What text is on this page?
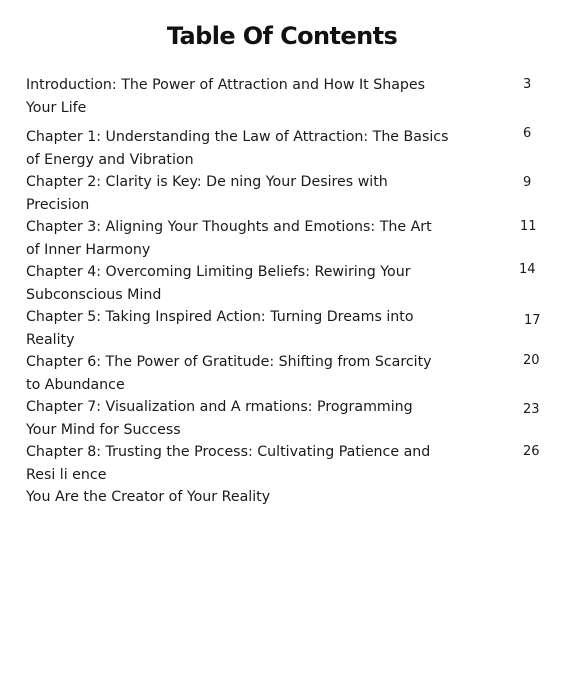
Table Of Contents
Introduction: The Power of Attraction and How It Shapes
Your Life
3
Chapter 1: Understanding the Law of Attraction: The Basics
of Energy and Vibration
6
Chapter 2: Clarity is Key: De ning Your Desires with
Precision
9
Chapter 3: Aligning Your Thoughts and Emotions: The Art
of Inner Harmony
11
Chapter 4: Overcoming Limiting Beliefs: Rewiring Your
Subconscious Mind
14
Chapter 5: Taking Inspired Action: Turning Dreams into
Reality
17
Chapter 6: The Power of Gratitude: Shifting from Scarcity
to Abundance
20
Chapter 7: Visualization and A rmations: Programming
Your Mind for Success
23
Chapter 8: Trusting the Process: Cultivating Patience and
Resi li ence
26
You Are the Creator of Your Reality
